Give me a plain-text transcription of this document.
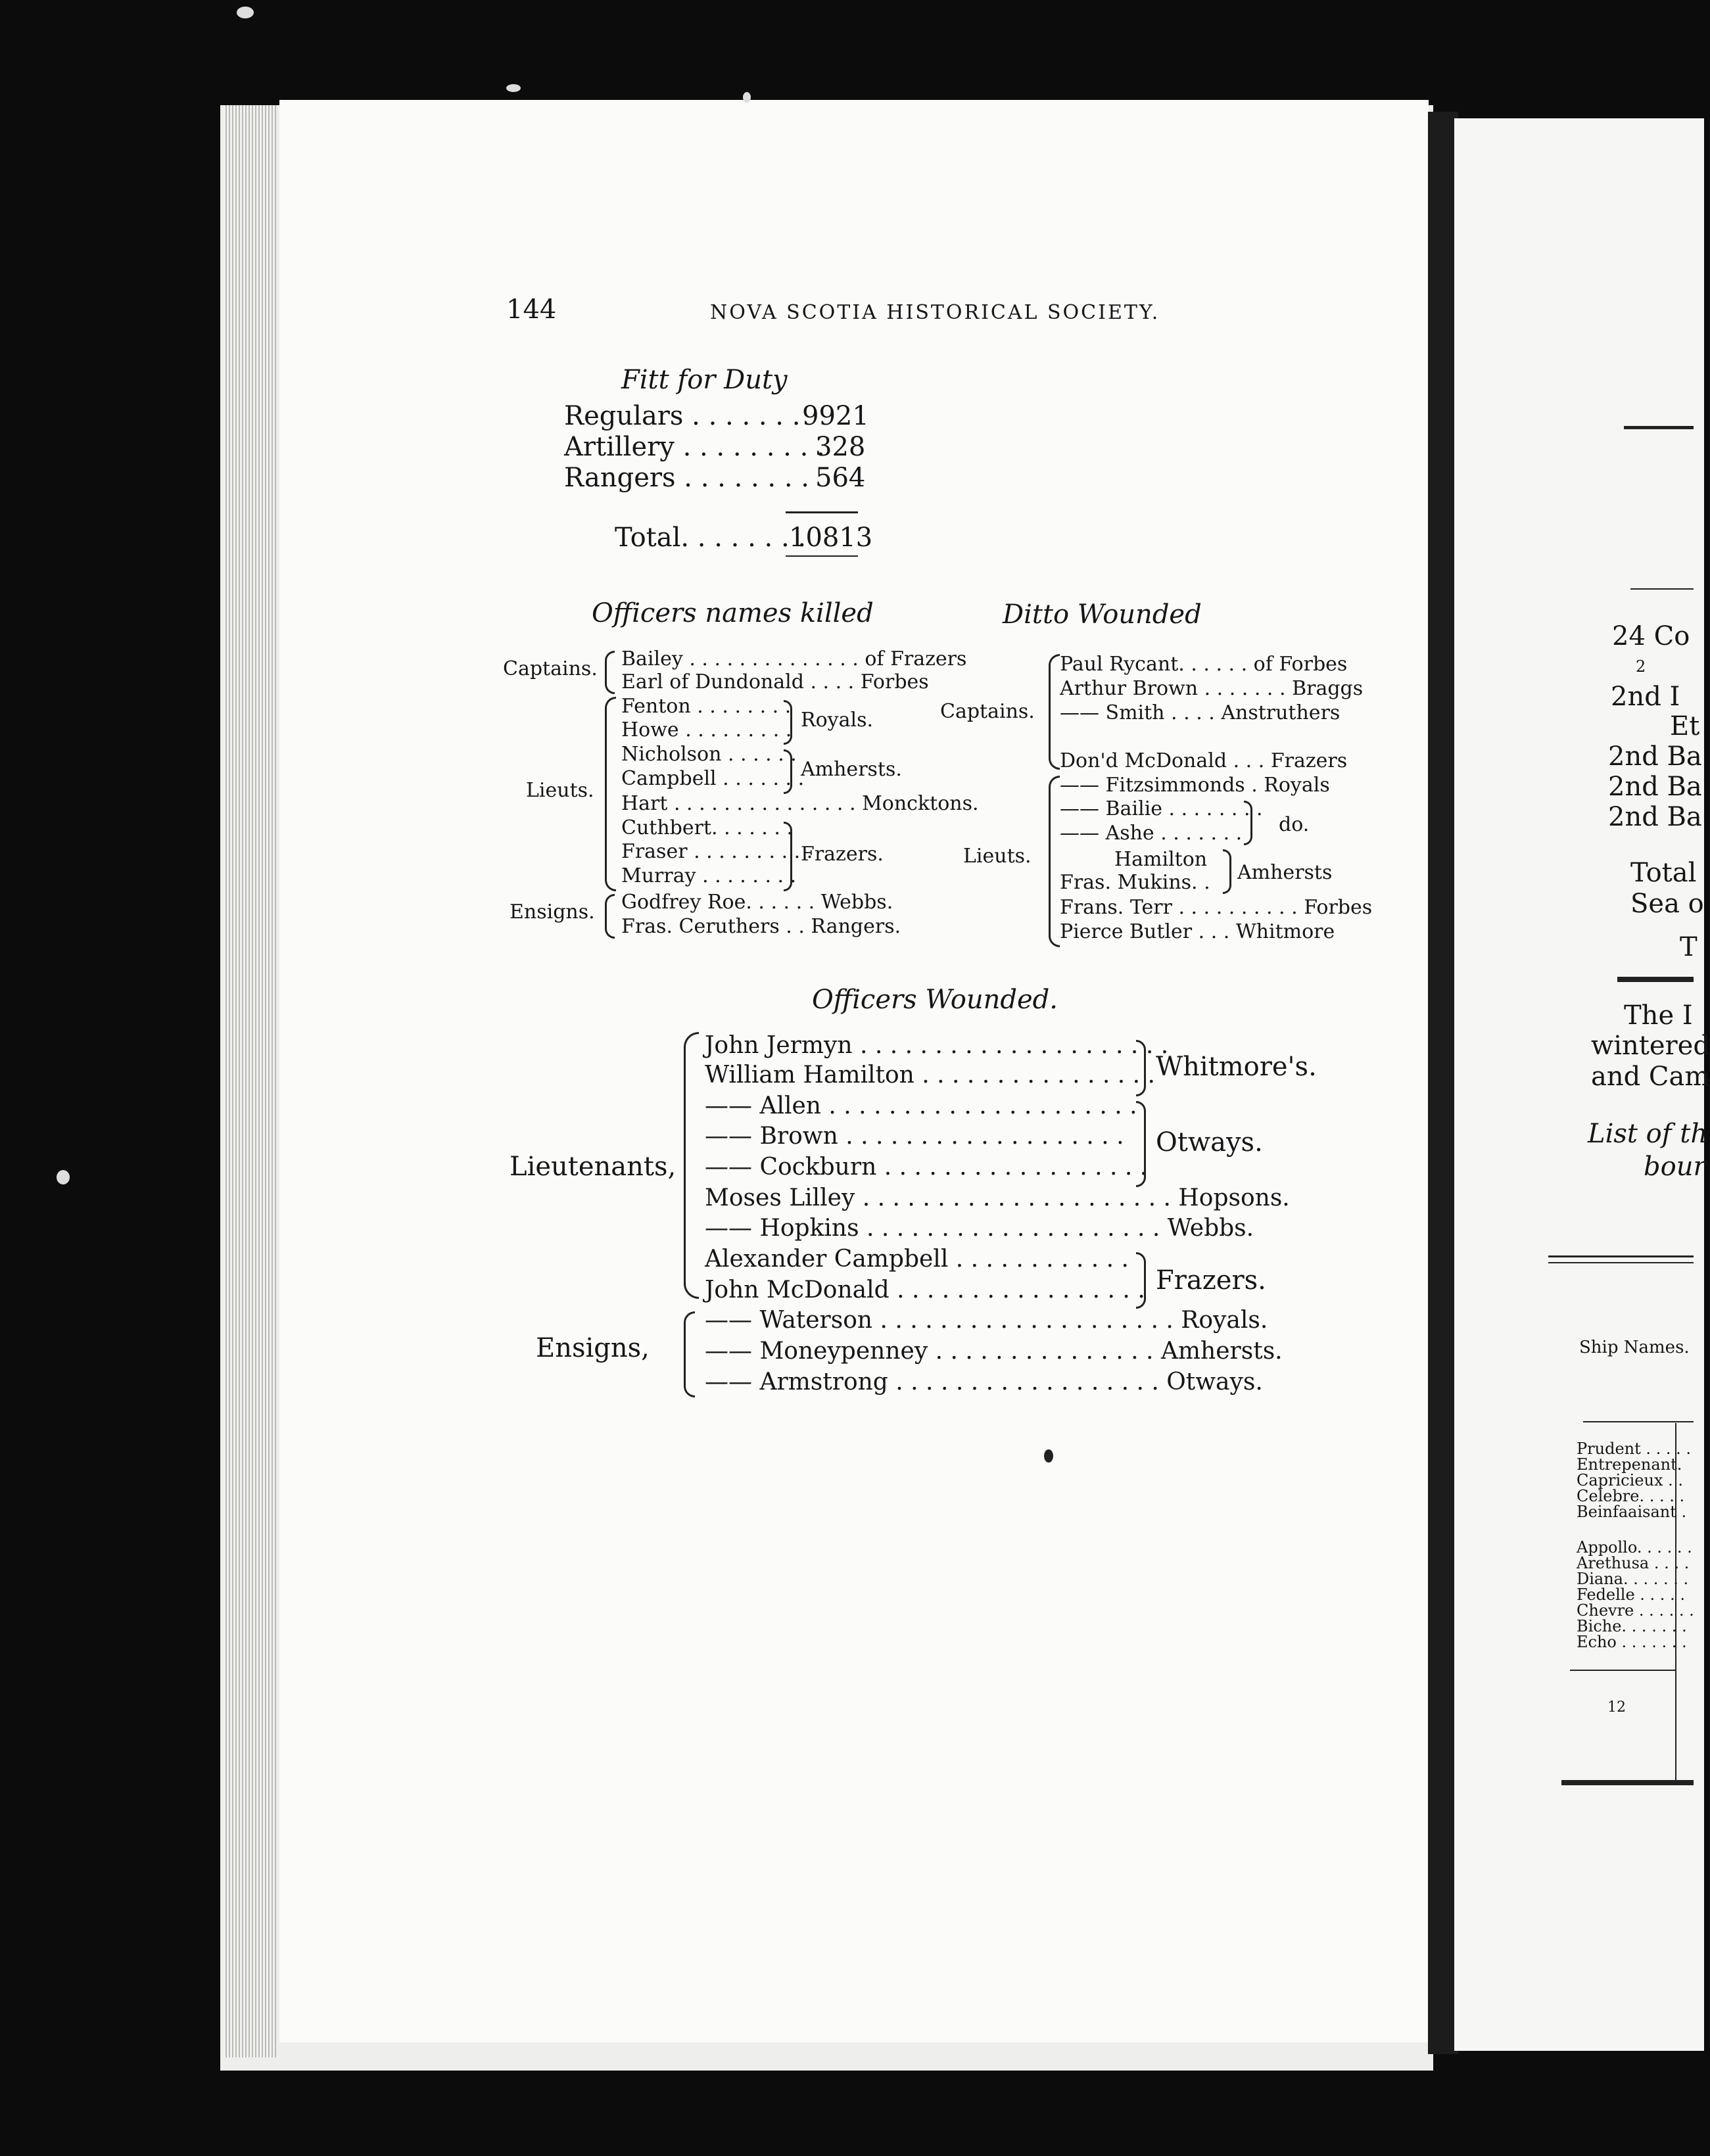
144	NOVA SCOTIA HISTORICAL SOCIETY.
Fitt for Duty
Regulars . . . . . . . 9921
Artillery . . . . . . . . .
328
Rangers . . . . . . . . 564
Total. . . . . . . .
10813
Officers names killed
Captains. Bailey . . . . . . . . . . . . . . of Frazers
Earl of Dundonald . . . . Forbes
Lieuts.
Fenton . . . . . . . .
Howe . . . . . . . . .
Nicholson . . . . . .
Campbell . . . . . . .
Hart . . . . . . . . . . . . . . . Moncktons.
Cuthbert. . . . . . .
Fraser . . . . . . . . . .
Murray . . . . . . . .
Royals.
Amhersts.
Frazers.
Ensigns. Godfrey Roe. . . . . . Webbs.
Fras. Ceruthers . . Rangers.
Ditto Wounded
Captains.
Paul Rycant. . . . . . of Forbes
Arthur Brown . . . . . . . Braggs
—— Smith . . . . Anstruthers
Don'd McDonald . . . Frazers
Lieuts.
—— Fitzsimmonds . Royals
—— Bailie . . . . . . . .
—— Ashe . . . . . . . do.
Hamilton
Fras. Mukins. . Amhersts
Frans. Terr . . . . . . . . . . Forbes
Pierce Butler . . . Whitmore
Officers Wounded.
Lieutenants,
John Jermyn . . . . . . . . . . . . . . . . . . . . .
William Hamilton . . . . . . . . . . . . . . . .
—— Allen . . . . . . . . . . . . . . . . . . . . .
—— Brown . . . . . . . . . . . . . . . . . . .
—— Cockburn . . . . . . . . . . . . . . . . . .
Moses Lilley . . . . . . . . . . . . . . . . . . . . . Hopsons.
—— Hopkins . . . . . . . . . . . . . . . . . . . . Webbs.
Alexander Campbell . . . . . . . . . . . .
John McDonald . . . . . . . . . . . . . . . . .
Whitmore's.
Otways.
Frazers.
Ensigns,
—— Waterson . . . . . . . . . . . . . . . . . . . . Royals.
—— Moneypenney . . . . . . . . . . . . . . . Amhersts.
—— Armstrong . . . . . . . . . . . . . . . . . . Otways.
24 Co
2
2nd I
Et
2nd Ba
2nd Ba
2nd Ba
Total
Sea o
T
The I
wintered
and Cam
List of th
bour
Ship Names.
Prudent . . . . .
Entrepenant.
Capricieux . .
Celebre. . . . .
Beinfaaisant .
Appollo. . . . . .
Arethusa . . . .
Diana. . . . . . .
Fedelle . . . . .
Chevre . . . . . .
Biche. . . . . . .
Echo . . . . . . .
12
